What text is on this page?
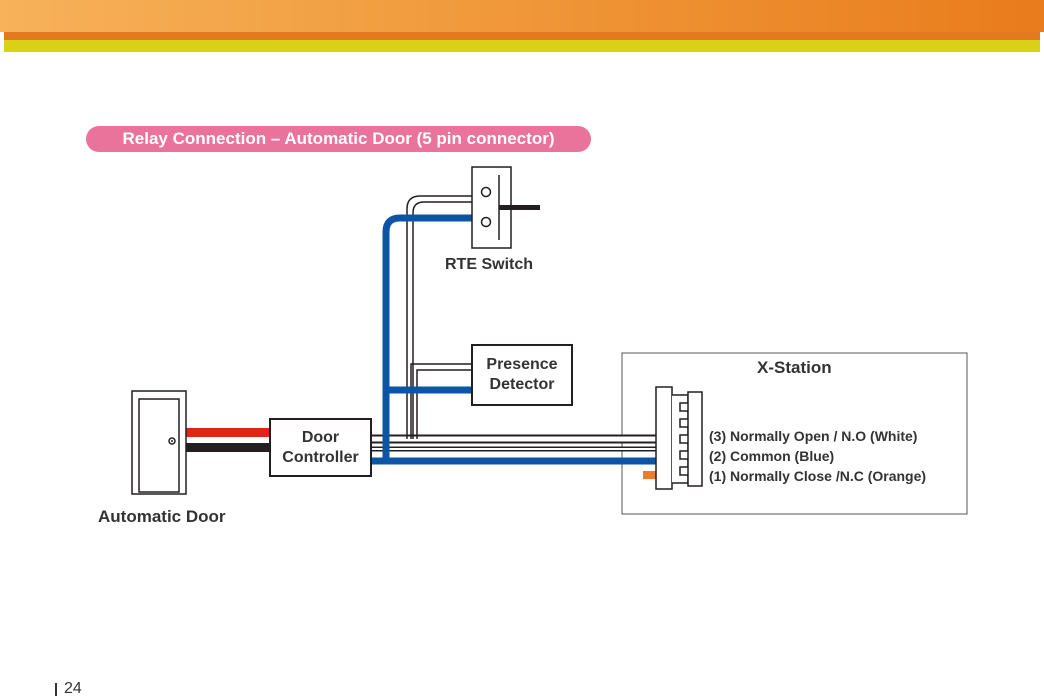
Relay Connection – Automatic Door (5 pin connector)
RTE Switch
Presence
Detector
Door
Controller
Automatic Door
X-Station
(3) Normally Open / N.O (White)
(2) Common (Blue)
(1) Normally Close /N.C (Orange)
24
